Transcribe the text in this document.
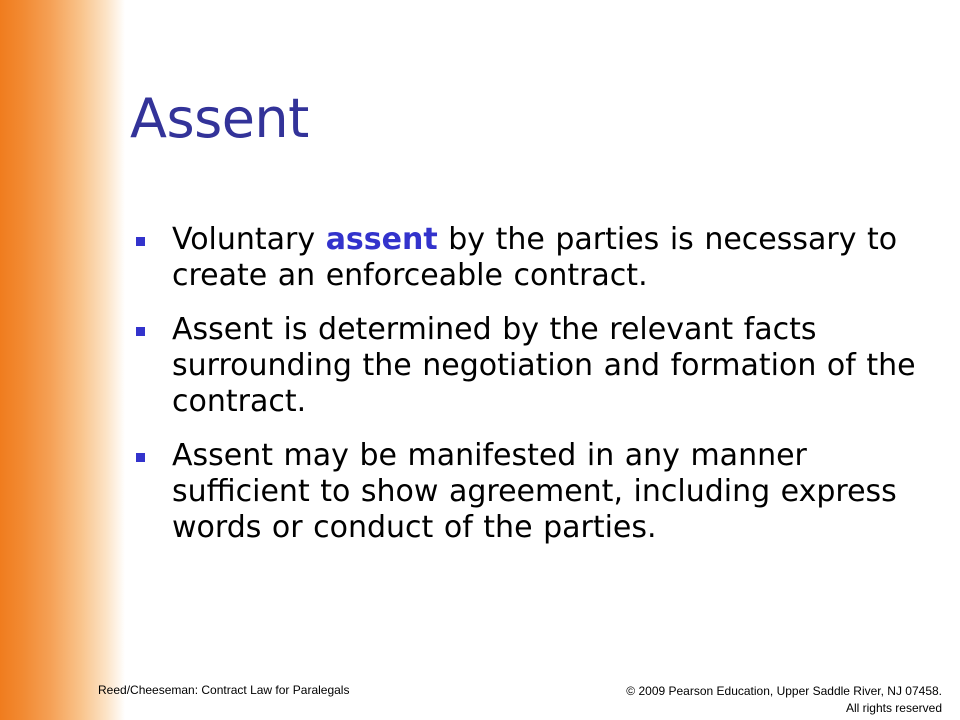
Assent
Voluntary assent by the parties is necessary to create an enforceable contract.
Assent is determined by the relevant facts surrounding the negotiation and formation of the contract.
Assent may be manifested in any manner sufficient to show agreement, including express words or conduct of the parties.
Reed/Cheeseman: Contract Law for Paralegals	© 2009 Pearson Education, Upper Saddle River, NJ 07458.
All rights reserved
